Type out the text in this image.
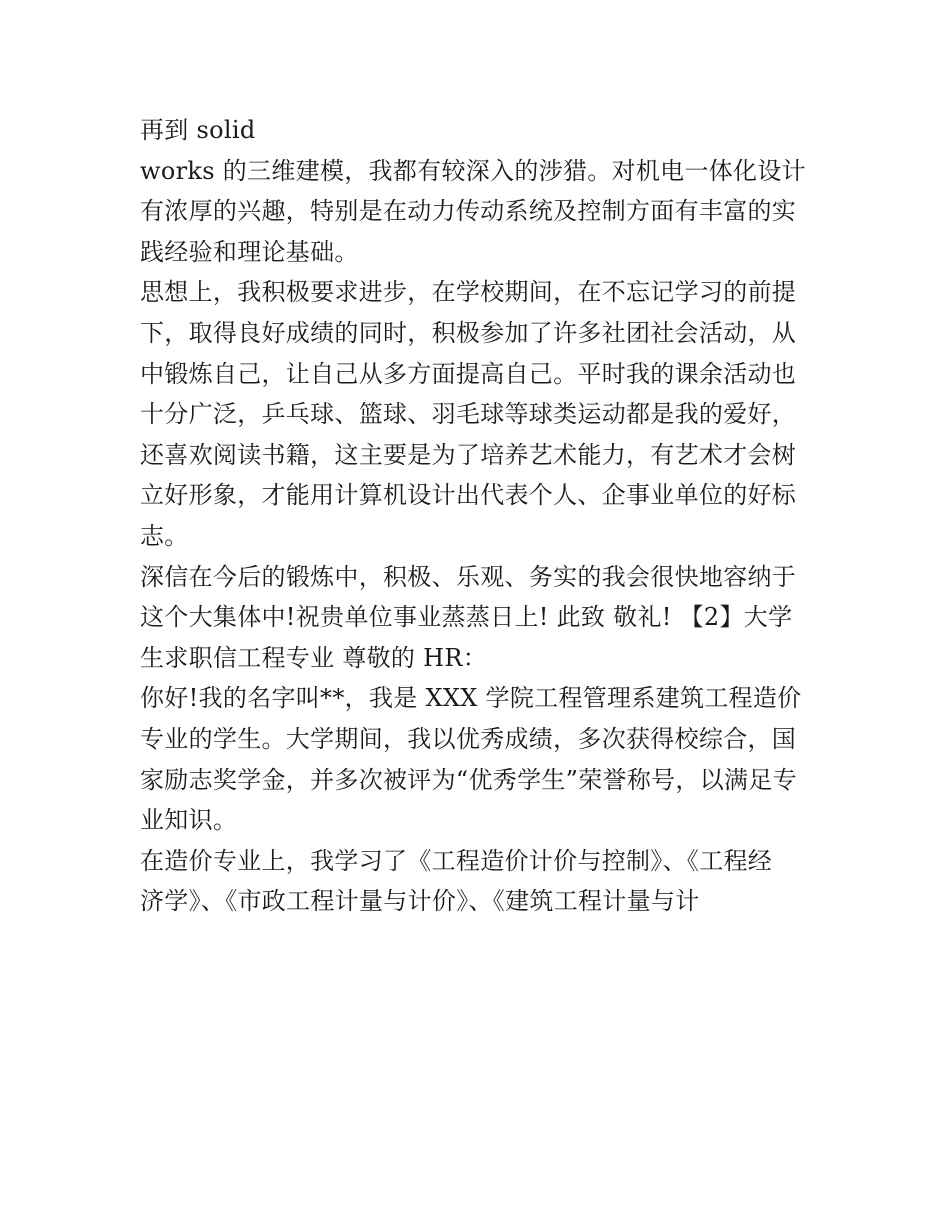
再到 solid
works 的三维建模，我都有较深入的涉猎。对机电一体化设计
有浓厚的兴趣，特别是在动力传动系统及控制方面有丰富的实
践经验和理论基础。
思想上，我积极要求进步，在学校期间，在不忘记学习的前提
下，取得良好成绩的同时，积极参加了许多社团社会活动，从
中锻炼自己，让自己从多方面提高自己。平时我的课余活动也
十分广泛，乒乓球、篮球、羽毛球等球类运动都是我的爱好，
还喜欢阅读书籍，这主要是为了培养艺术能力，有艺术才会树
立好形象，才能用计算机设计出代表个人、企事业单位的好标
志。
深信在今后的锻炼中，积极、乐观、务实的我会很快地容纳于
这个大集体中!祝贵单位事业蒸蒸日上! 此致 敬礼! 【2】大学
生求职信工程专业 尊敬的 HR：
你好!我的名字叫**，我是 XXX 学院工程管理系建筑工程造价
专业的学生。大学期间，我以优秀成绩，多次获得校综合，国
家励志奖学金，并多次被评为“优秀学生”荣誉称号，以满足专
业知识。
在造价专业上，我学习了《工程造价计价与控制》、《工程经
济学》、《市政工程计量与计价》、《建筑工程计量与计
